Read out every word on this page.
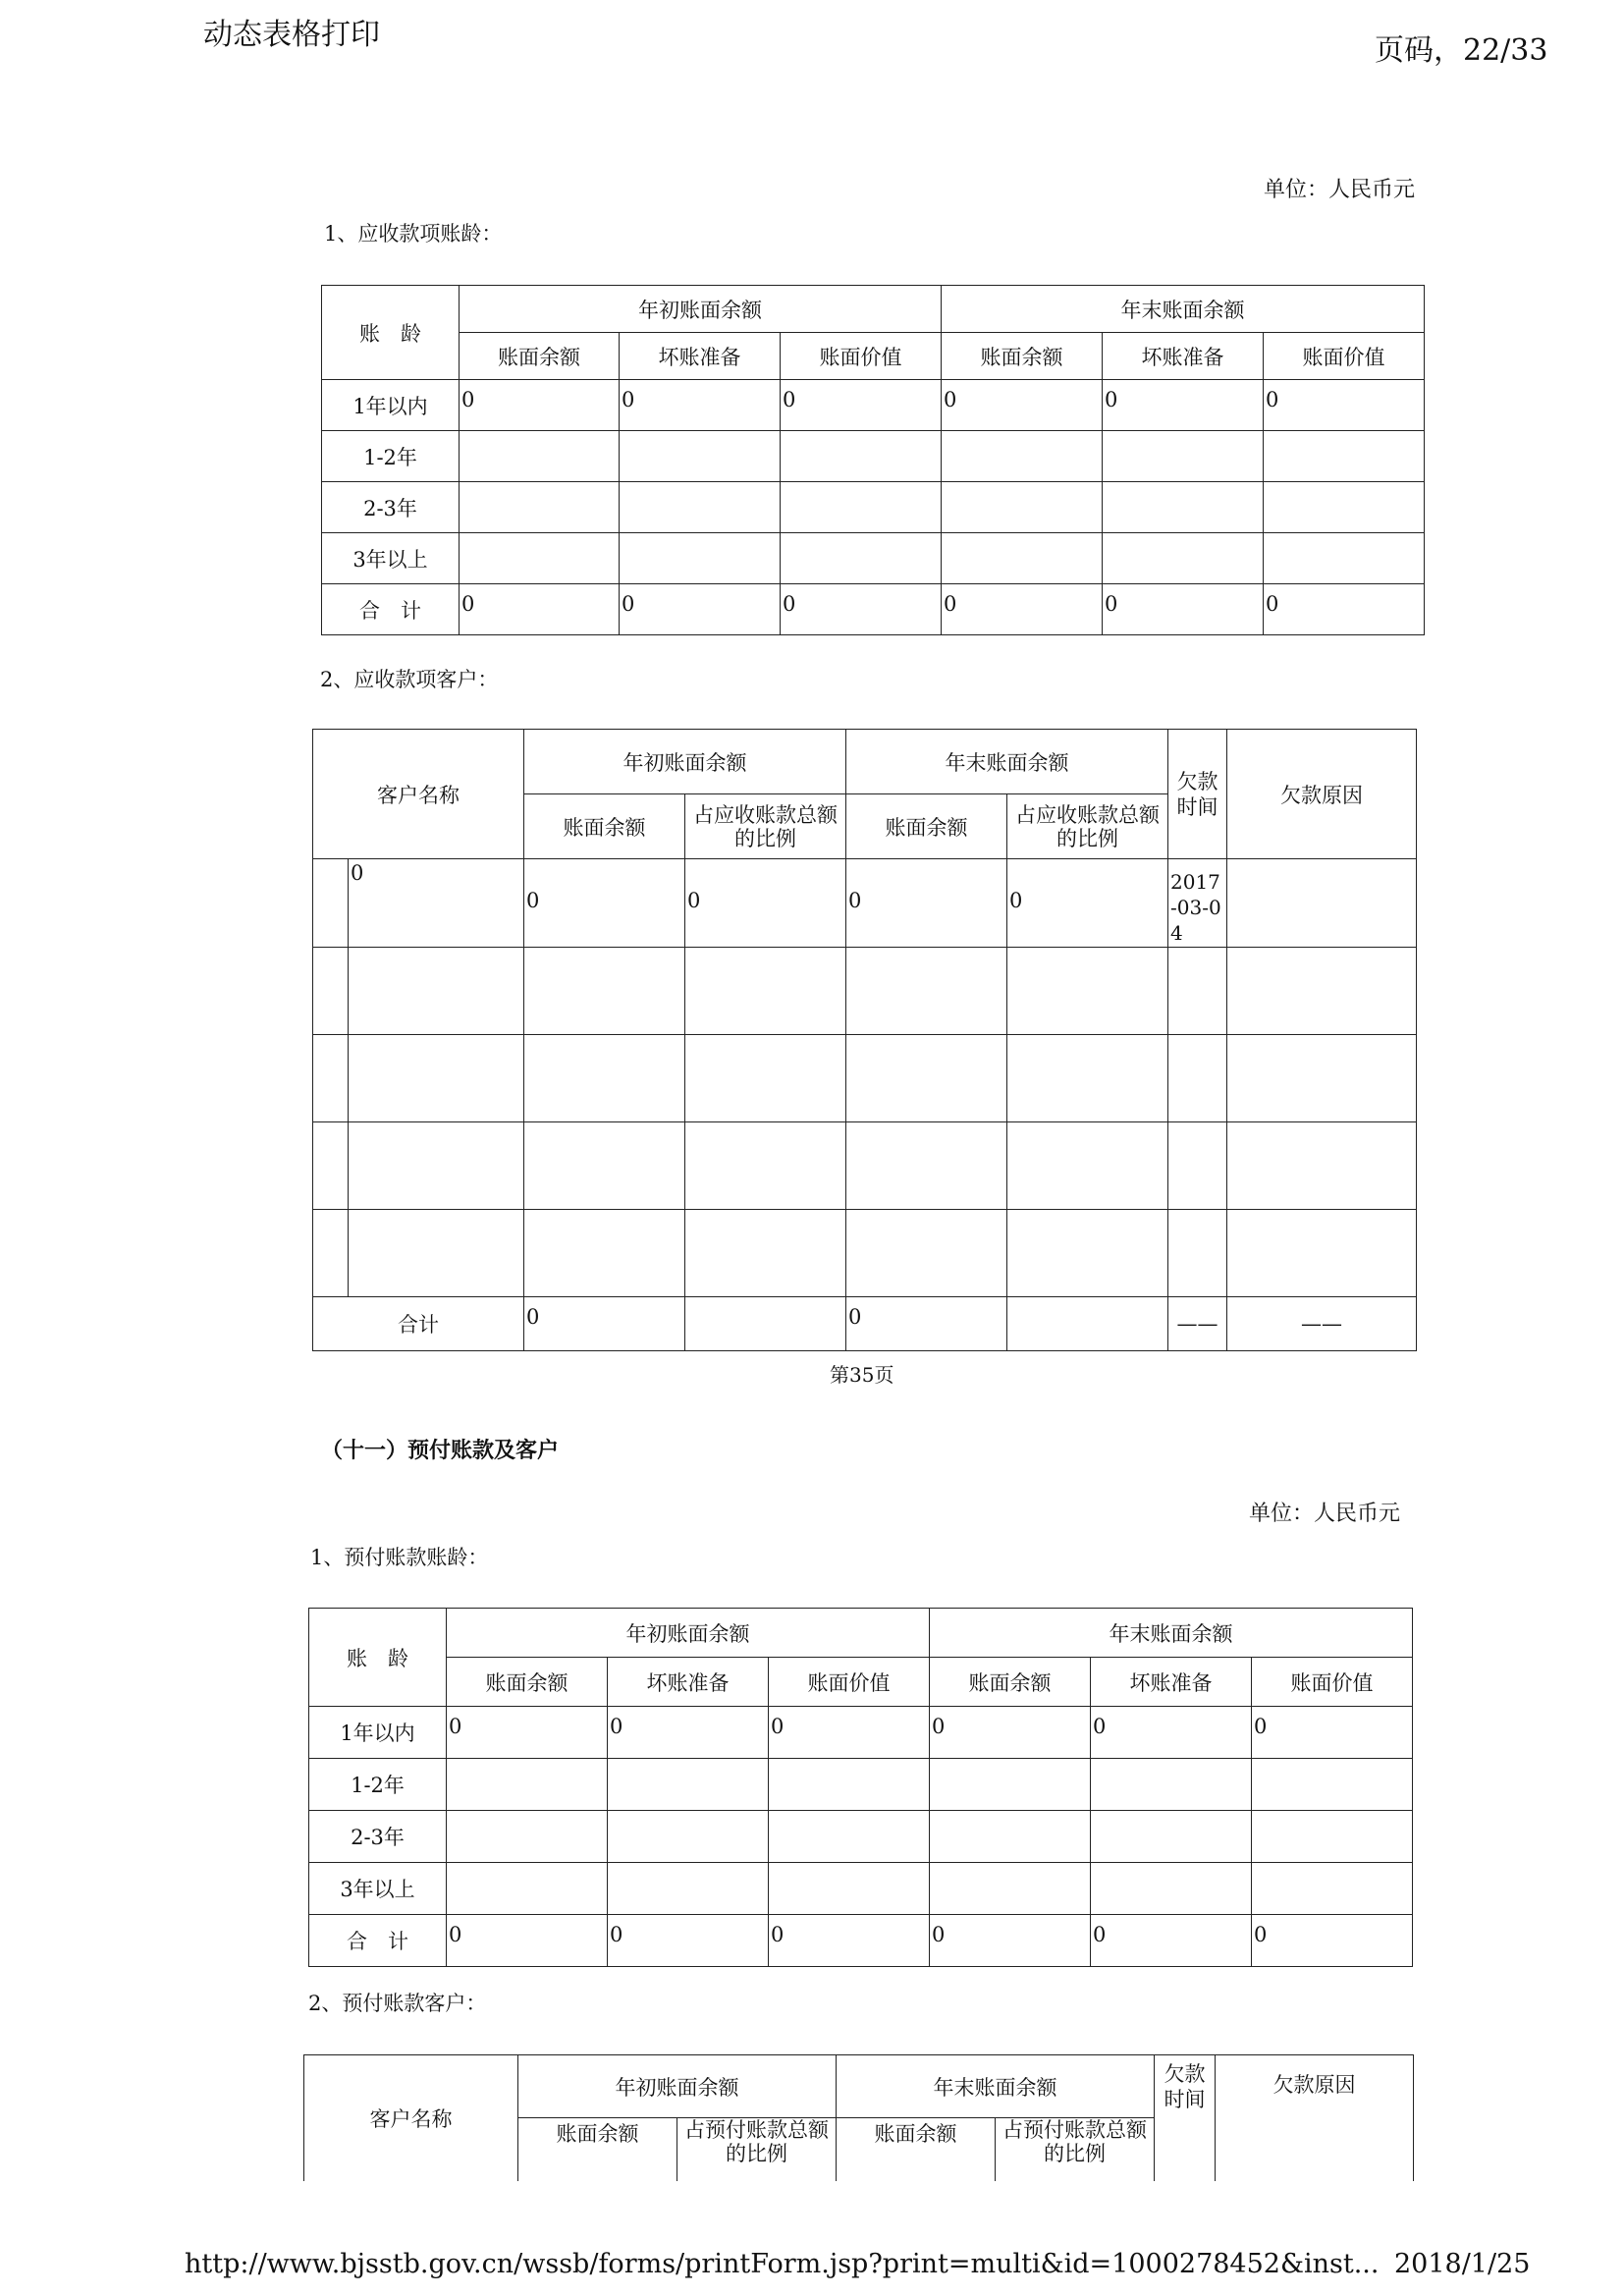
动态表格打印	页码，22/33
单位：人民币元
1、应收款项账龄：
账　龄	年初账面余额			年末账面余额		
	账面余额	坏账准备	账面价值	账面余额	坏账准备	账面价值
1年以内	0	0	0	0	0	0
1-2年						
2-3年						
3年以上						
合　计	0	0	0	0	0	0
2、应收款项客户：
客户名称		年初账面余额		年末账面余额		欠款时间	欠款原因
		账面余额	占应收账款总额的比例	账面余额	占应收账款总额的比例		
	0	0	0	0	0	2017-03-04	

合计		0		0		——	——
第35页
（十一）预付账款及客户
单位：人民币元
1、预付账款账龄：
账　龄	年初账面余额			年末账面余额		
	账面余额	坏账准备	账面价值	账面余额	坏账准备	账面价值
1年以内	0	0	0	0	0	0
1-2年						
2-3年						
3年以上						
合　计	0	0	0	0	0	0
2、预付账款客户：
客户名称	年初账面余额		年末账面余额		欠款时间	欠款原因
	账面余额	占预付账款总额的比例	账面余额	占预付账款总额的比例		
http://www.bjsstb.gov.cn/wssb/forms/printForm.jsp?print=multi&id=1000278452&inst... 2018/1/25
